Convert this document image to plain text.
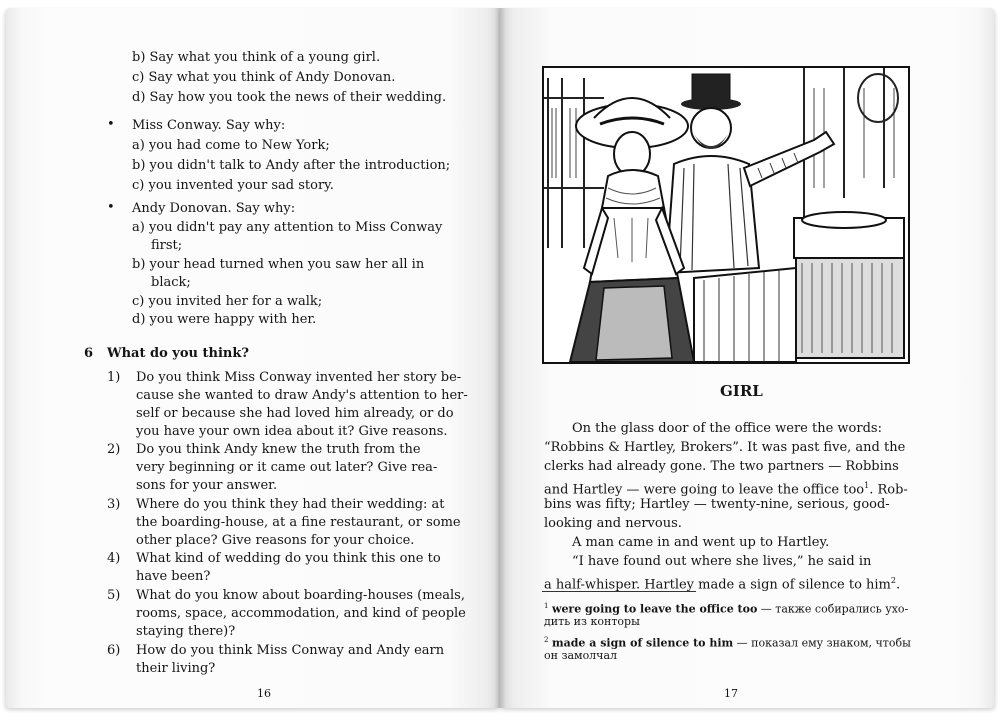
b) Say what you think of a young girl.
c) Say what you think of Andy Donovan.
d) Say how you took the news of their wedding.
• Miss Conway. Say why:
a) you had come to New York;
b) you didn't talk to Andy after the introduction;
c) you invented your sad story.
• Andy Donovan. Say why:
a) you didn't pay any attention to Miss Conway
first;
b) your head turned when you saw her all in
black;
c) you invited her for a walk;
d) you were happy with her.
6 What do you think?
1) Do you think Miss Conway invented her story be-
cause she wanted to draw Andy's attention to her-
self or because she had loved him already, or do
you have your own idea about it? Give reasons.
2) Do you think Andy knew the truth from the
very beginning or it came out later? Give rea-
sons for your answer.
3) Where do you think they had their wedding: at
the boarding-house, at a fine restaurant, or some
other place? Give reasons for your choice.
4) What kind of wedding do you think this one to
have been?
5) What do you know about boarding-houses (meals,
rooms, space, accommodation, and kind of people
staying there)?
6) How do you think Miss Conway and Andy earn
their living?
16
GIRL
On the glass door of the office were the words:
“Robbins & Hartley, Brokers”. It was past five, and the
clerks had already gone. The two partners — Robbins
and Hartley — were going to leave the office too$^1$. Rob-
bins was fifty; Hartley — twenty-nine, serious, good-
looking and nervous.
A man came in and went up to Hartley.
“I have found out where she lives,” he said in
a half-whisper. Hartley made a sign of silence to him$^2$.
$^1$ were going to leave the office too — также собирались ухо-
дить из конторы
$^2$ made a sign of silence to him — показал ему знаком, чтобы
он замолчал
17
